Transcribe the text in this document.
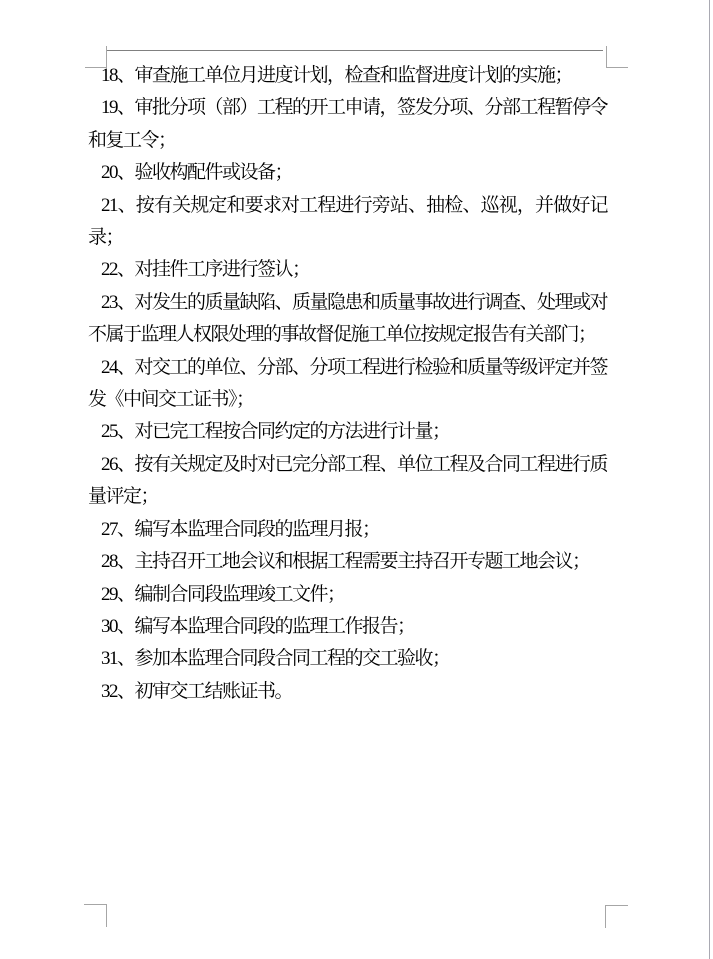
18、审查施工单位月进度计划，检查和监督进度计划的实施；

19、审批分项（部）工程的开工申请，签发分项、分部工程暂停令和复工令；

20、验收构配件或设备；

21、按有关规定和要求对工程进行旁站、抽检、巡视，并做好记录；

22、对挂件工序进行签认；

23、对发生的质量缺陷、质量隐患和质量事故进行调查、处理或对不属于监理人权限处理的事故督促施工单位按规定报告有关部门；

24、对交工的单位、分部、分项工程进行检验和质量等级评定并签发《中间交工证书》；

25、对已完工程按合同约定的方法进行计量；

26、按有关规定及时对已完分部工程、单位工程及合同工程进行质量评定；

27、编写本监理合同段的监理月报；

28、主持召开工地会议和根据工程需要主持召开专题工地会议；

29、编制合同段监理竣工文件；

30、编写本监理合同段的监理工作报告；

31、参加本监理合同段合同工程的交工验收；

32、初审交工结账证书。
